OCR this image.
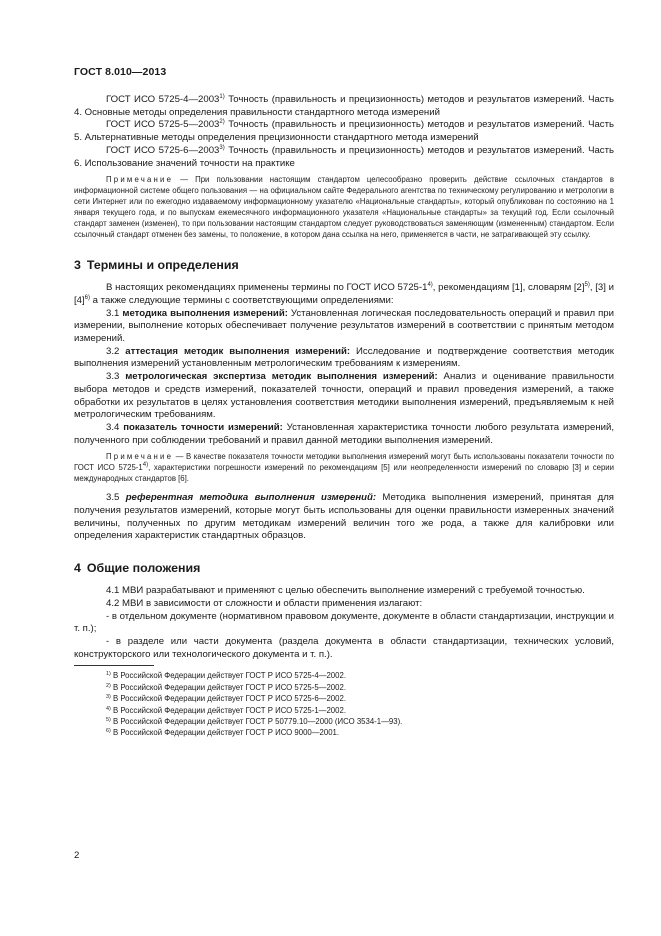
ГОСТ 8.010—2013

ГОСТ ИСО 5725-4—2003$^{1)}$ Точность (правильность и прецизионность) методов и результатов измерений. Часть 4. Основные методы определения правильности стандартного метода измерений

ГОСТ ИСО 5725-5—2003$^{2)}$ Точность (правильность и прецизионность) методов и результатов измерений. Часть 5. Альтернативные методы определения прецизионности стандартного метода измерений

ГОСТ ИСО 5725-6—2003$^{3)}$ Точность (правильность и прецизионность) методов и результатов измерений. Часть 6. Использование значений точности на практике

Примечание — При пользовании настоящим стандартом целесообразно проверить действие ссылочных стандартов в информационной системе общего пользования — на официальном сайте Федерального агентства по техническому регулированию и метрологии в сети Интернет или по ежегодно издаваемому информационному указателю «Национальные стандарты», который опубликован по состоянию на 1 января текущего года, и по выпускам ежемесячного информационного указателя «Национальные стандарты» за текущий год. Если ссылочный стандарт заменен (изменен), то при пользовании настоящим стандартом следует руководствоваться заменяющим (измененным) стандартом. Если ссылочный стандарт отменен без замены, то положение, в котором дана ссылка на него, применяется в части, не затрагивающей эту ссылку.

3 Термины и определения

В настоящих рекомендациях применены термины по ГОСТ ИСО 5725-1$^{4)}$, рекомендациям [1], словарям $[2]^{5)}$, [3] и $[4]^{6)}$ а также следующие термины с соответствующими определениями:

3.1 методика выполнения измерений: Установленная логическая последовательность операций и правил при измерении, выполнение которых обеспечивает получение результатов измерений в соответствии с принятым методом измерений.

3.2 аттестация методик выполнения измерений: Исследование и подтверждение соответствия методик выполнения измерений установленным метрологическим требованиям к измерениям.

3.3 метрологическая экспертиза методик выполнения измерений: Анализ и оценивание правильности выбора методов и средств измерений, показателей точности, операций и правил проведения измерений, а также обработки их результатов в целях установления соответствия методики выполнения измерений, предъявляемым к ней метрологическим требованиям.

3.4 показатель точности измерений: Установленная характеристика точности любого результата измерений, полученного при соблюдении требований и правил данной методики выполнения измерений.

Примечание — В качестве показателя точности методики выполнения измерений могут быть использованы показатели точности по ГОСТ ИСО 5725-1$^{4)}$, характеристики погрешности измерений по рекомендациям [5] или неопределенности измерений по словарю [3] и серии международных стандартов [6].

3.5 референтная методика выполнения измерений: Методика выполнения измерений, принятая для получения результатов измерений, которые могут быть использованы для оценки правильности измеренных значений величины, полученных по другим методикам измерений величин того же рода, а также для калибровки или определения характеристик стандартных образцов.

4 Общие положения

4.1 МВИ разрабатывают и применяют с целью обеспечить выполнение измерений с требуемой точностью.

4.2 МВИ в зависимости от сложности и области применения излагают:

- в отдельном документе (нормативном правовом документе, документе в области стандартизации, инструкции и т. п.);

- в разделе или части документа (раздела документа в области стандартизации, технических условий, конструкторского или технологического документа и т. п.).

$^{1)}$ В Российской Федерации действует ГОСТ Р ИСО 5725-4—2002.
$^{2)}$ В Российской Федерации действует ГОСТ Р ИСО 5725-5—2002.
$^{3)}$ В Российской Федерации действует ГОСТ Р ИСО 5725-6—2002.
$^{4)}$ В Российской Федерации действует ГОСТ Р ИСО 5725-1—2002.
$^{5)}$ В Российской Федерации действует ГОСТ Р 50779.10—2000 (ИСО 3534-1—93).
$^{6)}$ В Российской Федерации действует ГОСТ Р ИСО 9000—2001.
2
